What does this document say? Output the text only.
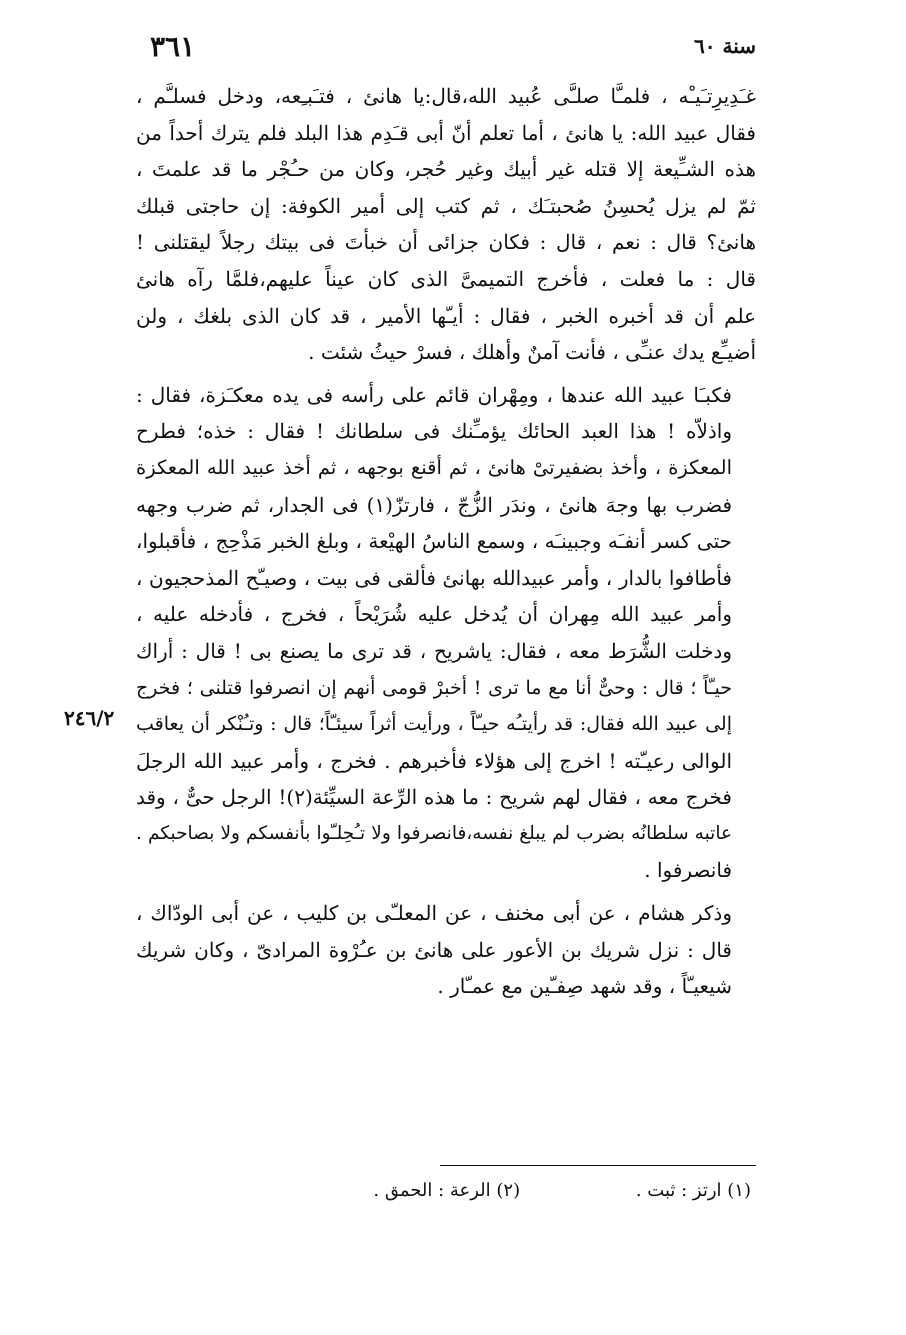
سنة ٦٠
٣٦١
٢٤٦/٢
غـَدِيرِتـَيـْه ، فلمـَّا صلـَّى عُبيد الله،قال:يا هانئ ، فتـَبـِعه، ودخل فسلـَّم ،
فقال عبيد الله: يا هانئ ، أما تعلم أنّ أبى قـَدِم هذا البلد فلم يترك أحداً من
هذه الشـِّيعة إلا قتله غير أبيك وغير حُجر، وكان من حـُجْر ما قد علمتَ ،
ثمّ لم يزل يُحسِنُ صُحبتـَك ، ثم كتب إلى أمير الكوفة: إن حاجتى قبلك
هانئ؟ قال : نعم ، قال : فكان جزائى أن خبأتَ فى بيتك رجلاً ليقتلنى !
قال : ما فعلت ، فأخرج التميمىَّ الذى كان عيناً عليهم،فلمَّا رآه هانئ
علم أن قد أخبره الخبر ، فقال : أيـّها الأمير ، قد كان الذى بلغك ، ولن
أضيـِّع يدك عنـِّى ، فأنت آمنٌ وأهلك ، فسرْ حيثُ شئت .
فكبـَا عبيد الله عندها ، ومِهْران قائم على رأسه فى يده معكـَزة، فقال :
واذلاّه ! هذا العبد الحائك يؤمـِّنك فى سلطانك ! فقال : خذه؛ فطرح
المعكزة ، وأخذ بضفيرتىْ هانئ ، ثم أقنع بوجهه ، ثم أخذ عبيد الله المعكزة
فضرب بها وجهَ هانئ ، وندَر الزُّجّ ، فارتزّ(١) فى الجدار، ثم ضرب وجهه
حتى كسر أنفـَه وجبينـَه ، وسمع الناسُ الهيْعة ، وبلغ الخبر مَذْحِج ، فأقبلوا،
فأطافوا بالدار ، وأمر عبيدالله بهانئ فألقى فى بيت ، وصيـّح المذحجيون ،
وأمر عبيد الله مِهران أن يُدخل عليه شُرَيْحاً ، فخرج ، فأدخله عليه ،
ودخلت الشُّرَط معه ، فقال: ياشريح ، قد ترى ما يصنع بى ! قال : أراك
حيـّاً ؛ قال : وحىٌّ أنا مع ما ترى ! أخبرْ قومى أنهم إن انصرفوا قتلنى ؛ فخرج
إلى عبيد الله فقال: قد رأيتـُه حيـّاً ، ورأيت أثراً سيئـّاً؛ قال : وتـُنْكر أن يعاقب
الوالى رعيـّته ! اخرج إلى هؤلاء فأخبرهم . فخرج ، وأمر عبيد الله الرجلَ
فخرج معه ، فقال لهم شريح : ما هذه الرِّعة السيِّئة(٢)! الرجل حىٌّ ، وقد
عاتبه سلطانُه بضرب لم يبلغ نفسه،فانصرفوا ولا تـُحِلـّوا بأنفسكم ولا بصاحبكم .
فانصرفوا .
وذكر هشام ، عن أبى مخنف ، عن المعلـّى بن كليب ، عن أبى الودّاك ،
قال : نزل شريك بن الأعور على هانئ بن عـُرْوة المرادىّ ، وكان شريك
شيعيـّاً ، وقد شهد صِفـّين مع عمـّار .
(١) ارتز : ثبت . (٢) الرعة : الحمق .
